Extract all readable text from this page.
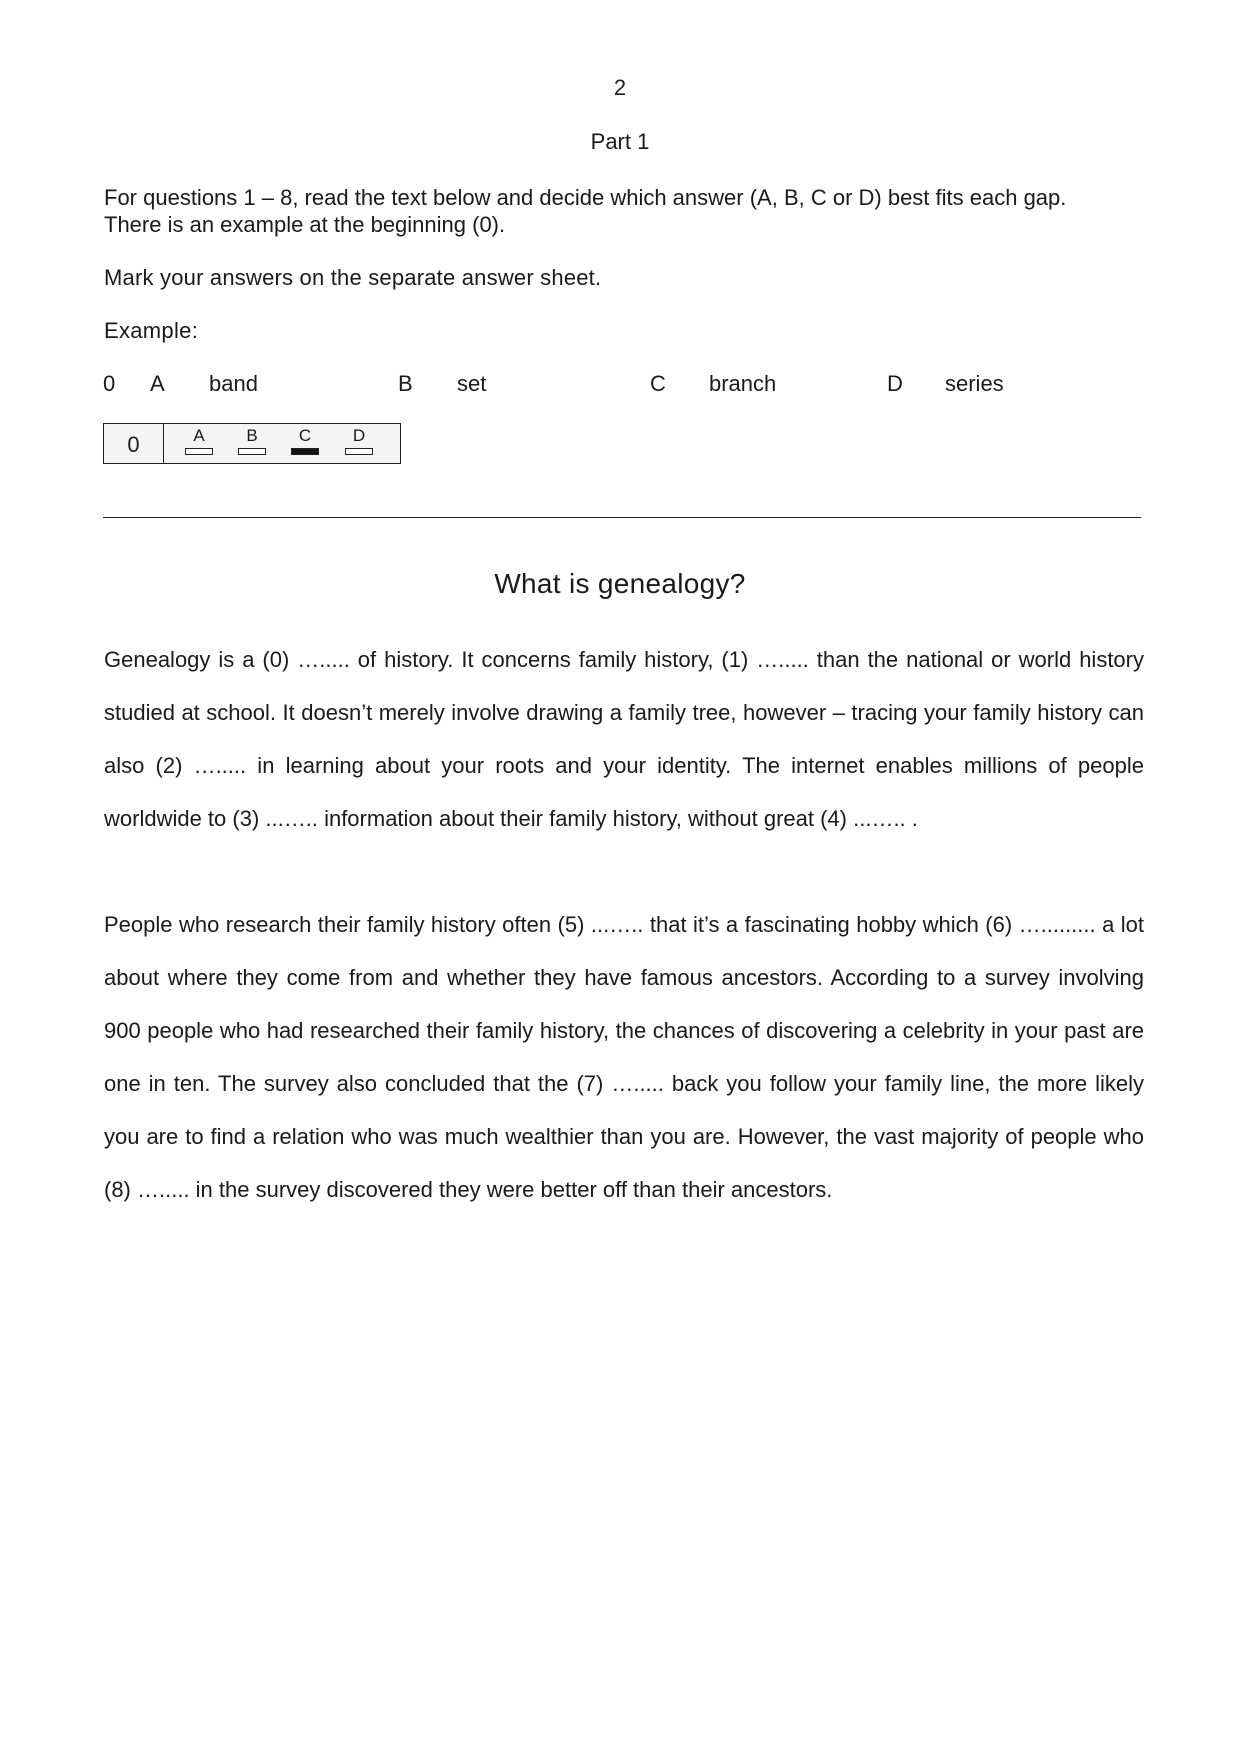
2
Part 1

For questions 1 – 8, read the text below and decide which answer (A, B, C or D) best fits each gap.
There is an example at the beginning (0).

Mark your answers on the separate answer sheet.

Example:

0 A band	B set	C branch	D series
0	A	B	C	D
What is genealogy?

Genealogy is a (0) …..... of history. It concerns family history, (1) …..... than the national or world history studied at school. It doesn’t merely involve drawing a family tree, however – tracing your family history can also (2) …..... in learning about your roots and your identity. The internet enables millions of people worldwide to (3) ...….. information about their family history, without great (4) ...….. .

People who research their family history often (5) ...….. that it’s a fascinating hobby which (6) …......... a lot about where they come from and whether they have famous ancestors. According to a survey involving 900 people who had researched their family history, the chances of discovering a celebrity in your past are one in ten. The survey also concluded that the (7) …..... back you follow your family line, the more likely you are to find a relation who was much wealthier than you are. However, the vast majority of people who (8) …..... in the survey discovered they were better off than their ancestors.
